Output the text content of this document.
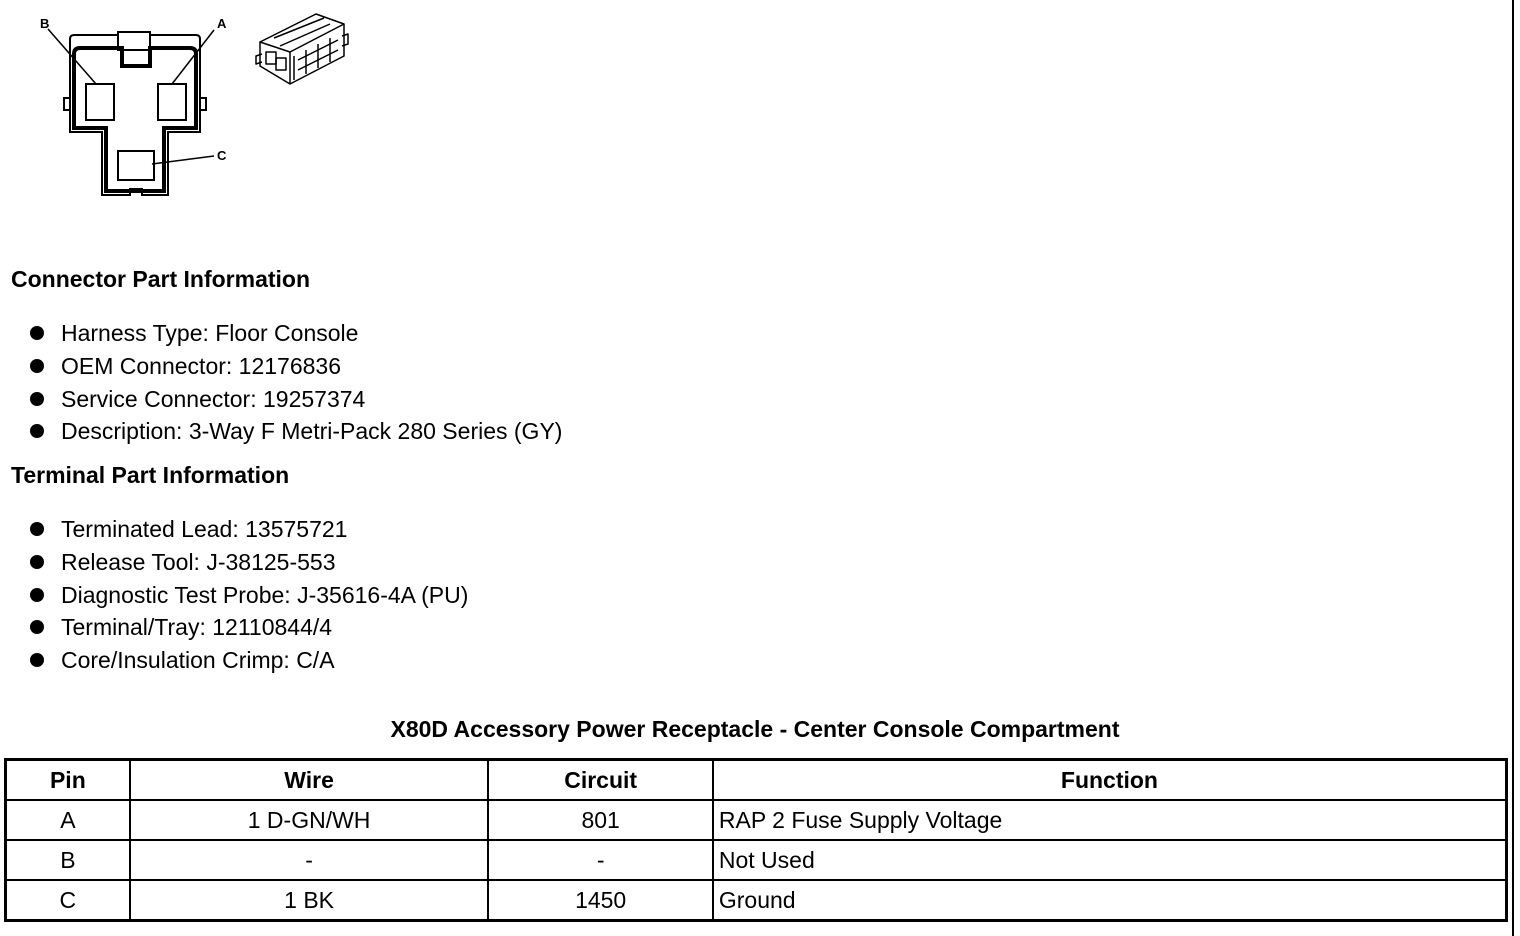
B	A
C
Connector Part Information
Harness Type: Floor Console
OEM Connector: 12176836
Service Connector: 19257374
Description: 3-Way F Metri-Pack 280 Series (GY)
Terminal Part Information
Terminated Lead: 13575721
Release Tool: J-38125-553
Diagnostic Test Probe: J-35616-4A (PU)
Terminal/Tray: 12110844/4
Core/Insulation Crimp: C/A
X80D Accessory Power Receptacle - Center Console Compartment
Pin	Wire	Circuit	Function
A	1 D-GN/WH	801	RAP 2 Fuse Supply Voltage
B	-	-	Not Used
C	1 BK	1450	Ground
